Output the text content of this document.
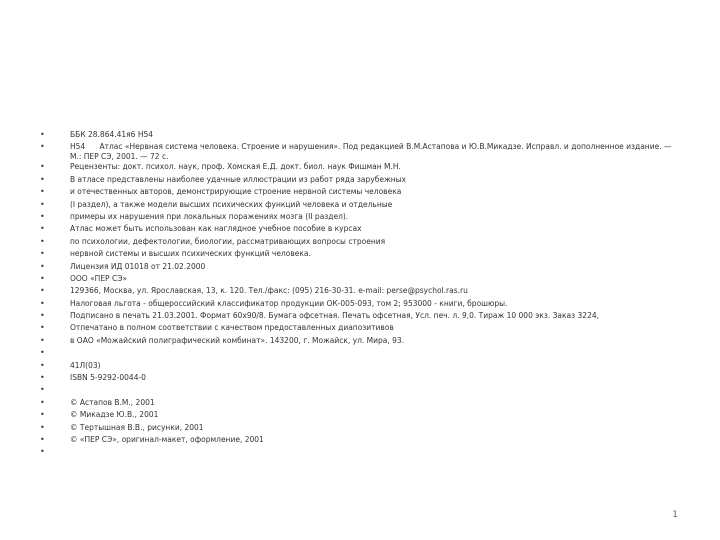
•	ББК 28.864.41я6 Н54
•	Н54      Атлас «Нервная система человека. Строение и нарушения». Под редакцией В.М.Астапова и Ю.В.Микадзе. Исправл. и дополненное издание. — М.: ПЕР СЭ, 2001. — 72 с.
•	Рецензенты: докт. психол. наук, проф. Хомская Е.Д. докт. биол. наук Фишман М.Н.
•	В атласе представлены наиболее удачные иллюстрации из работ ряда зарубежных
•	и отечественных авторов, демонстрирующие строение нервной системы человека
•	(I раздел), а также модели высших психических функций человека и отдельные
•	примеры их нарушения при локальных поражениях мозга (II раздел).
•	Атлас может быть использован как наглядное учебное пособие в курсах
•	по психологии, дефектологии, биологии, рассматривающих вопросы строения
•	нервной системы и высших психических функций человека.
•	Лицензия ИД 01018 от 21.02.2000
•	ООО «ПЕР СЭ»
•	129366, Москва, ул. Ярославская, 13, к. 120. Тел./факс: (095) 216-30-31. e-mail: perse@psychol.ras.ru
•	Налоговая льгота - общероссийский классификатор продукции ОК-005-093, том 2; 953000 - книги, брошюры.
•	Подписано в печать 21.03.2001. Формат 60х90/8. Бумага офсетная. Печать офсетная, Усл. печ. л. 9,0. Тираж 10 000 экз. Заказ 3224,
•	Отпечатано в полном соответствии с качеством предоставленных диапозитивов
•	в ОАО «Можайский полиграфический комбинат». 143200, г. Можайск, ул. Мира, 93.
•
•	41Л(03)
•	ISBN 5-9292-0044-0
•
•	© Астапов В.М., 2001
•	© Микадзе Ю.В., 2001
•	© Тертышная В.В., рисунки, 2001
•	© «ПЕР СЭ», оригинал-макет, оформление, 2001
•
1
